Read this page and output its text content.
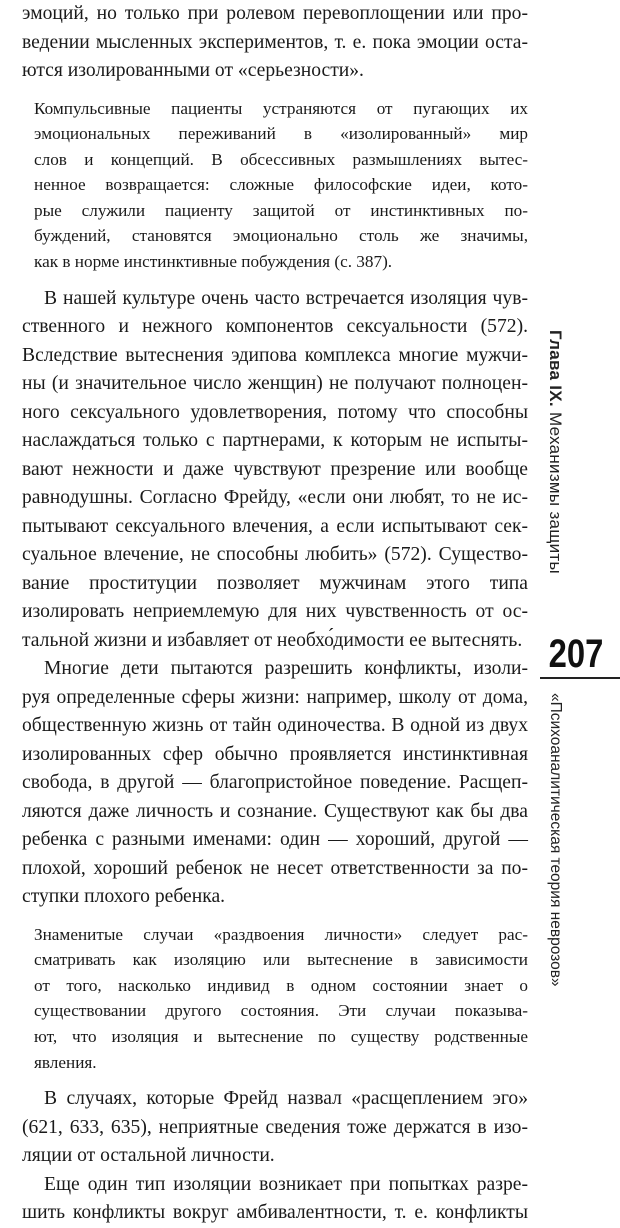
эмоций, но только при ролевом перевоплощении или про-
ведении мысленных экспериментов, т. е. пока эмоции оста-
ются изолированными от «серьезности».
Компульсивные пациенты устраняются от пугающих их
эмоциональных переживаний в «изолированный» мир
слов и концепций. В обсессивных размышлениях вытес-
ненное возвращается: сложные философские идеи, кото-
рые служили пациенту защитой от инстинктивных по-
буждений, становятся эмоционально столь же значимы,
как в норме инстинктивные побуждения (с. 387).
В нашей культуре очень часто встречается изоляция чув-
ственного и нежного компонентов сексуальности (572).
Вследствие вытеснения эдипова комплекса многие мужчи-
ны (и значительное число женщин) не получают полноцен-
ного сексуального удовлетворения, потому что способны
наслаждаться только с партнерами, к которым не испыты-
вают нежности и даже чувствуют презрение или вообще
равнодушны. Согласно Фрейду, «если они любят, то не ис-
пытывают сексуального влечения, а если испытывают сек-
суальное влечение, не способны любить» (572). Существо-
вание проституции позволяет мужчинам этого типа
изолировать неприемлемую для них чувственность от ос-
тальной жизни и избавляет от необхо́димости ее вытеснять.
Многие дети пытаются разрешить конфликты, изоли-
руя определенные сферы жизни: например, школу от дома,
общественную жизнь от тайн одиночества. В одной из двух
изолированных сфер обычно проявляется инстинктивная
свобода, в другой — благопристойное поведение. Расщеп-
ляются даже личность и сознание. Существуют как бы два
ребенка с разными именами: один — хороший, другой —
плохой, хороший ребенок не несет ответственности за по-
ступки плохого ребенка.
Знаменитые случаи «раздвоения личности» следует рас-
сматривать как изоляцию или вытеснение в зависимости
от того, насколько индивид в одном состоянии знает о
существовании другого состояния. Эти случаи показыва-
ют, что изоляция и вытеснение по существу родственные
явления.
В случаях, которые Фрейд назвал «расщеплением эго»
(621, 633, 635), неприятные сведения тоже держатся в изо-
ляции от остальной личности.
Еще один тип изоляции возникает при попытках разре-
шить конфликты вокруг амбивалентности, т. е. конфликты
Глава IX. Механизмы защиты
207
«Психоаналитическая теория неврозов»
